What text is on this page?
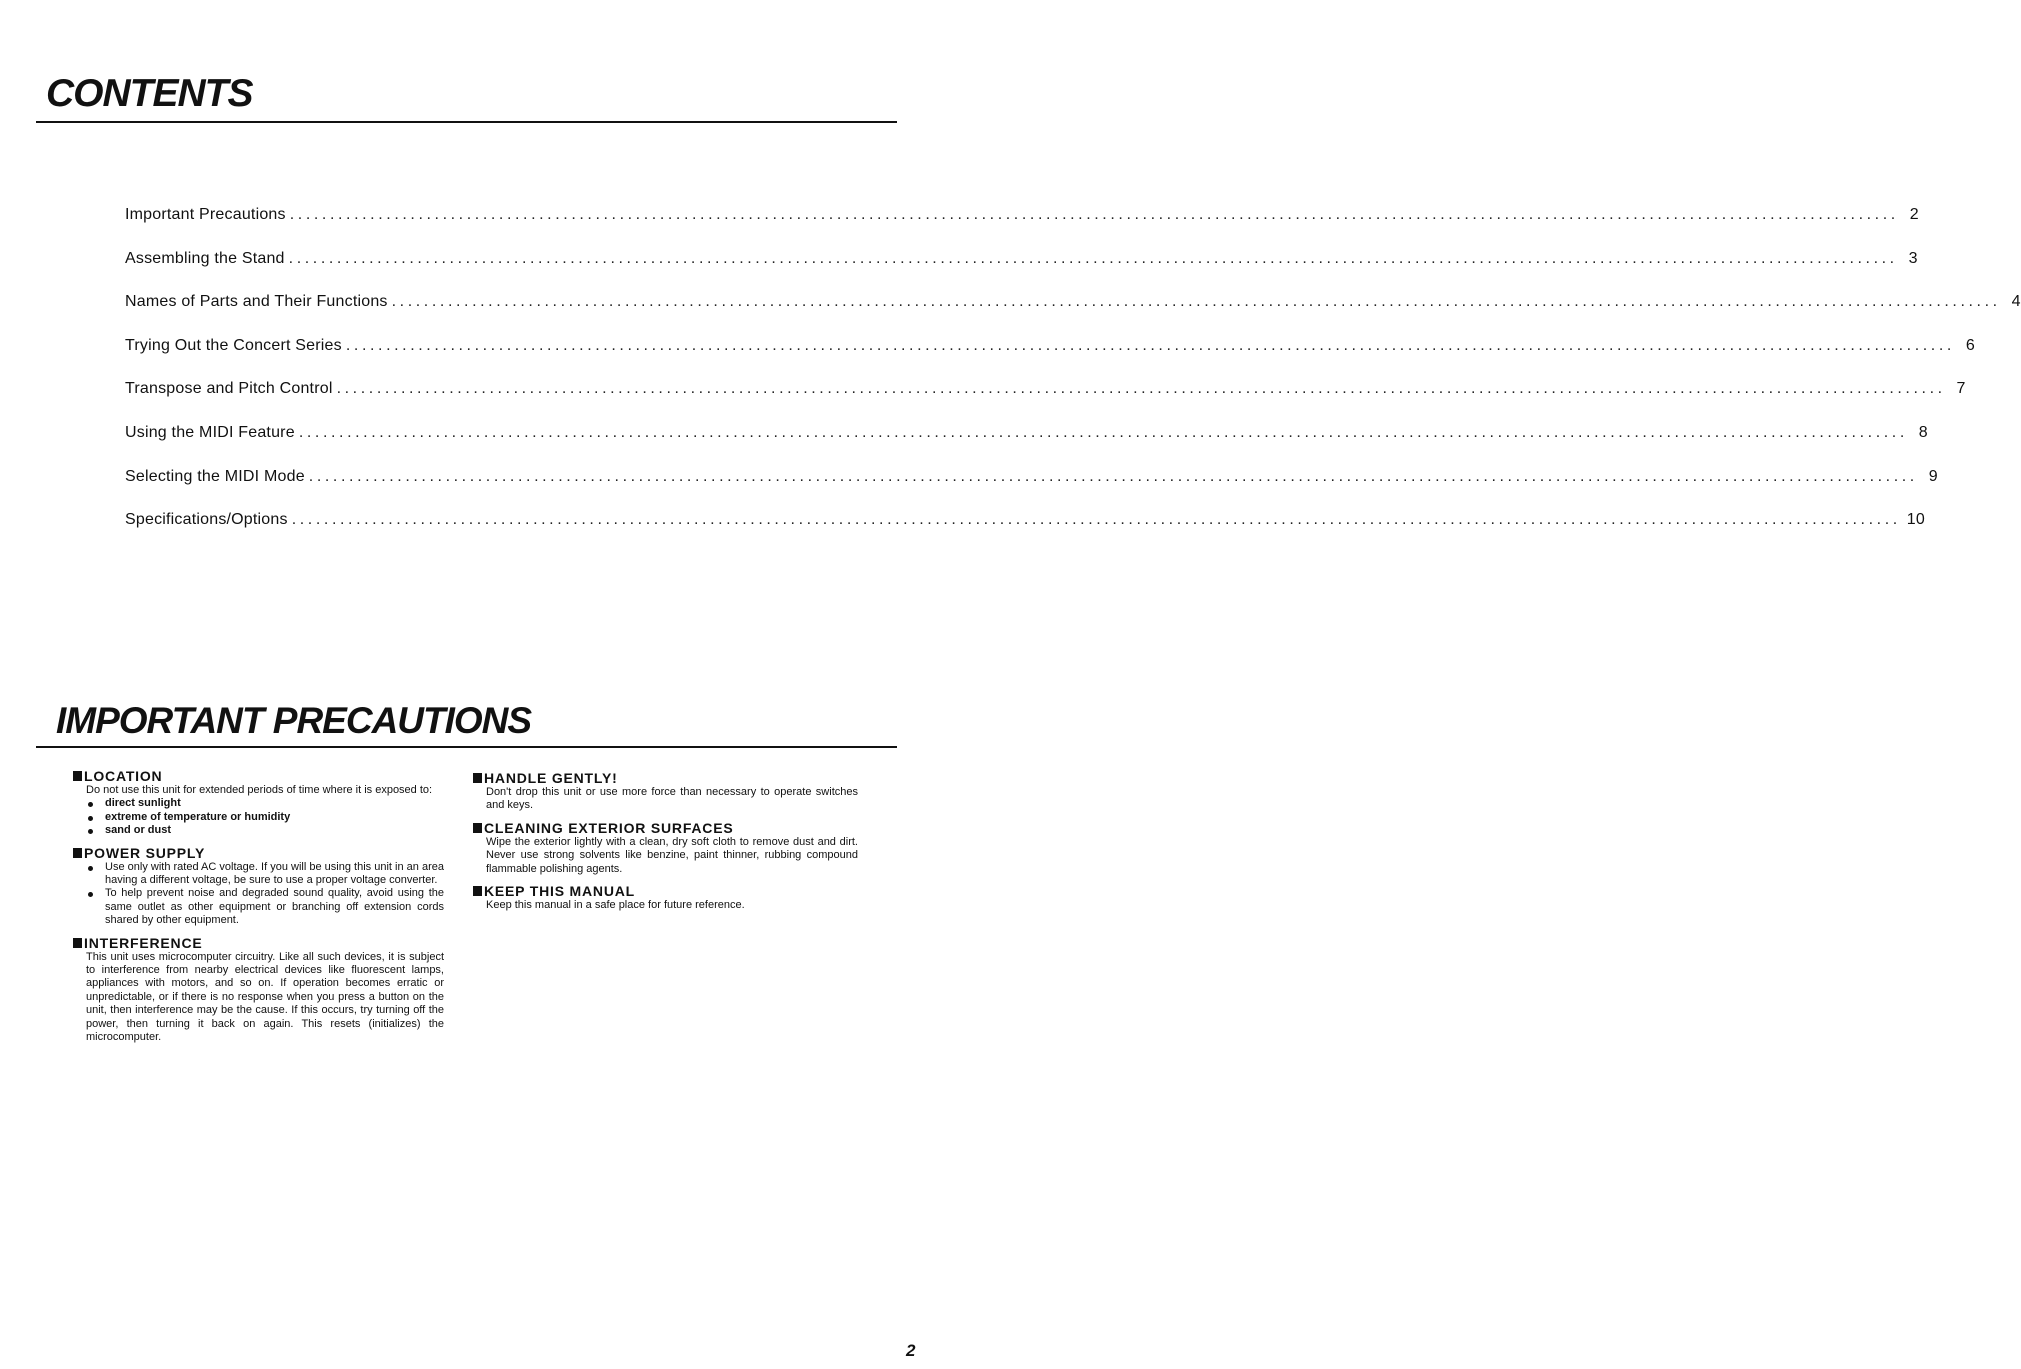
CONTENTS
Important Precautions ........................................................................................................................................................................................................ 2
Assembling the Stand ........................................................................................................................................................................................................ 3
Names of Parts and Their Functions ........................................................................................................................................................................................................ 4
Trying Out the Concert Series ........................................................................................................................................................................................................ 6
Transpose and Pitch Control ........................................................................................................................................................................................................ 7
Using the MIDI Feature ........................................................................................................................................................................................................ 8
Selecting the MIDI Mode ........................................................................................................................................................................................................ 9
Specifications/Options ........................................................................................................................................................................................................ 10
IMPORTANT PRECAUTIONS
LOCATION
Do not use this unit for extended periods of time where it is exposed to:
direct sunlight
extreme of temperature or humidity
sand or dust
POWER SUPPLY
Use only with rated AC voltage. If you will be using this unit in an area having a different voltage, be sure to use a proper voltage converter.
To help prevent noise and degraded sound quality, avoid using the same outlet as other equipment or branching off extension cords shared by other equipment.
INTERFERENCE
This unit uses microcomputer circuitry. Like all such devices, it is subject to interference from nearby electrical devices like fluorescent lamps, appliances with motors, and so on. If operation becomes erratic or unpredictable, or if there is no response when you press a button on the unit, then interference may be the cause. If this occurs, try turning off the power, then turning it back on again. This resets (initializes) the microcomputer.
HANDLE GENTLY!
Don't drop this unit or use more force than necessary to operate switches and keys.
CLEANING EXTERIOR SURFACES
Wipe the exterior lightly with a clean, dry soft cloth to remove dust and dirt. Never use strong solvents like benzine, paint thinner, rubbing compound flammable polishing agents.
KEEP THIS MANUAL
Keep this manual in a safe place for future reference.
2
